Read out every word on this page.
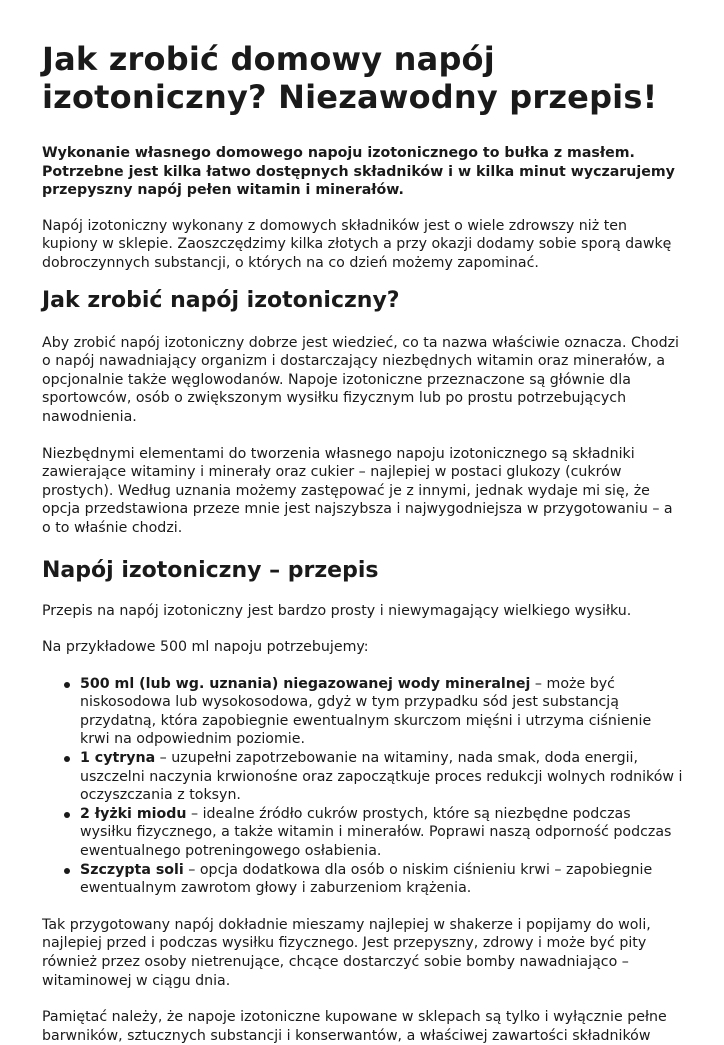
Jak zrobić domowy napój izotoniczny? Niezawodny przepis!

Wykonanie własnego domowego napoju izotonicznego to bułka z masłem. Potrzebne jest kilka łatwo dostępnych składników i w kilka minut wyczarujemy przepyszny napój pełen witamin i minerałów.

Napój izotoniczny wykonany z domowych składników jest o wiele zdrowszy niż ten kupiony w sklepie. Zaoszczędzimy kilka złotych a przy okazji dodamy sobie sporą dawkę dobroczynnych substancji, o których na co dzień możemy zapominać.

Jak zrobić napój izotoniczny?

Aby zrobić napój izotoniczny dobrze jest wiedzieć, co ta nazwa właściwie oznacza. Chodzi o napój nawadniający organizm i dostarczający niezbędnych witamin oraz minerałów, a opcjonalnie także węglowodanów. Napoje izotoniczne przeznaczone są głównie dla sportowców, osób o zwiększonym wysiłku fizycznym lub po prostu potrzebujących nawodnienia.

Niezbędnymi elementami do tworzenia własnego napoju izotonicznego są składniki zawierające witaminy i minerały oraz cukier – najlepiej w postaci glukozy (cukrów prostych). Według uznania możemy zastępować je z innymi, jednak wydaje mi się, że opcja przedstawiona przeze mnie jest najszybsza i najwygodniejsza w przygotowaniu – a o to właśnie chodzi.

Napój izotoniczny – przepis

Przepis na napój izotoniczny jest bardzo prosty i niewymagający wielkiego wysiłku.

Na przykładowe 500 ml napoju potrzebujemy:

500 ml (lub wg. uznania) niegazowanej wody mineralnej – może być niskosodowa lub wysokosodowa, gdyż w tym przypadku sód jest substancją przydatną, która zapobiegnie ewentualnym skurczom mięśni i utrzyma ciśnienie krwi na odpowiednim poziomie.
1 cytryna – uzupełni zapotrzebowanie na witaminy, nada smak, doda energii, uszczelni naczynia krwionośne oraz zapoczątkuje proces redukcji wolnych rodników i oczyszczania z toksyn.
2 łyżki miodu – idealne źródło cukrów prostych, które są niezbędne podczas wysiłku fizycznego, a także witamin i minerałów. Poprawi naszą odporność podczas ewentualnego potreningowego osłabienia.
Szczypta soli – opcja dodatkowa dla osób o niskim ciśnieniu krwi – zapobiegnie ewentualnym zawrotom głowy i zaburzeniom krążenia.

Tak przygotowany napój dokładnie mieszamy najlepiej w shakerze i popijamy do woli, najlepiej przed i podczas wysiłku fizycznego. Jest przepyszny, zdrowy i może być pity również przez osoby nietrenujące, chcące dostarczyć sobie bomby nawadniająco – witaminowej w ciągu dnia.

Pamiętać należy, że napoje izotoniczne kupowane w sklepach są tylko i wyłącznie pełne barwników, sztucznych substancji i konserwantów, a właściwej zawartości składników
